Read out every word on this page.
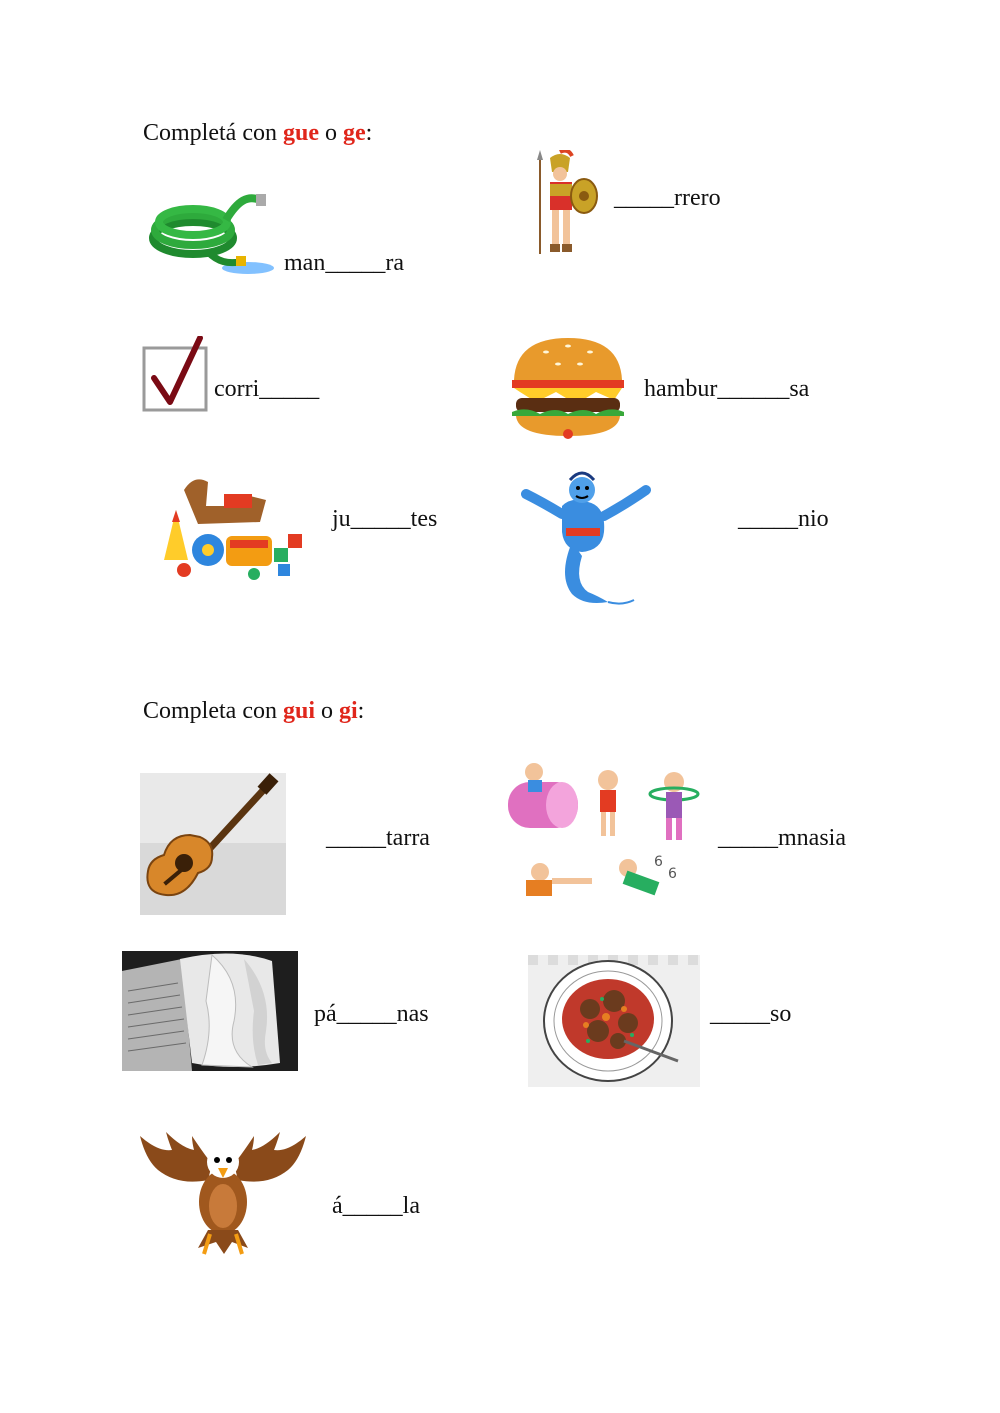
Completá con gue o ge:
man_____ra
_____rrero
corri_____	hambur______sa
ju_____tes	_____nio
Completa con gui o gi:
_____tarra
6
6
_____mnasia
pá_____nas	_____so
á_____la
